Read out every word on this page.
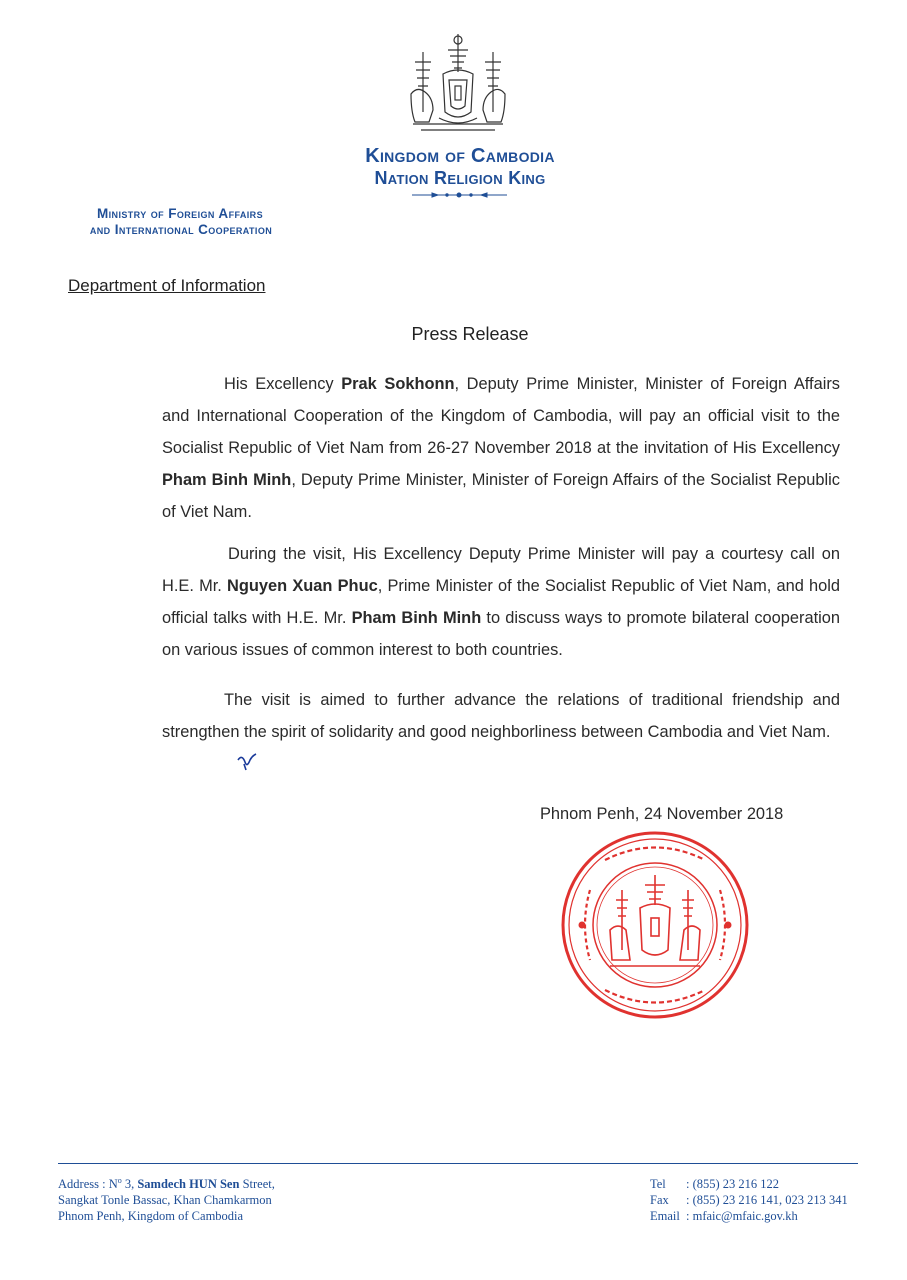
Kingdom of Cambodia
Nation Religion King
Ministry of Foreign Affairs
and International Cooperation
Department of Information
Press Release
His Excellency Prak Sokhonn, Deputy Prime Minister, Minister of Foreign Affairs and International Cooperation of the Kingdom of Cambodia, will pay an official visit to the Socialist Republic of Viet Nam from 26-27 November 2018 at the invitation of His Excellency Pham Binh Minh, Deputy Prime Minister, Minister of Foreign Affairs of the Socialist Republic of Viet Nam.
During the visit, His Excellency Deputy Prime Minister will pay a courtesy call on H.E. Mr. Nguyen Xuan Phuc, Prime Minister of the Socialist Republic of Viet Nam, and hold official talks with H.E. Mr. Pham Binh Minh to discuss ways to promote bilateral cooperation on various issues of common interest to both countries.
The visit is aimed to further advance the relations of traditional friendship and strengthen the spirit of solidarity and good neighborliness between Cambodia and Viet Nam.
Phnom Penh, 24 November 2018
Address : $N^o$ 3, Samdech HUN Sen Street,
Sangkat Tonle Bassac, Khan Chamkarmon
Phnom Penh, Kingdom of Cambodia
Tel : (855) 23 216 122
Fax : (855) 23 216 141, 023 213 341
Email : mfaic@mfaic.gov.kh
